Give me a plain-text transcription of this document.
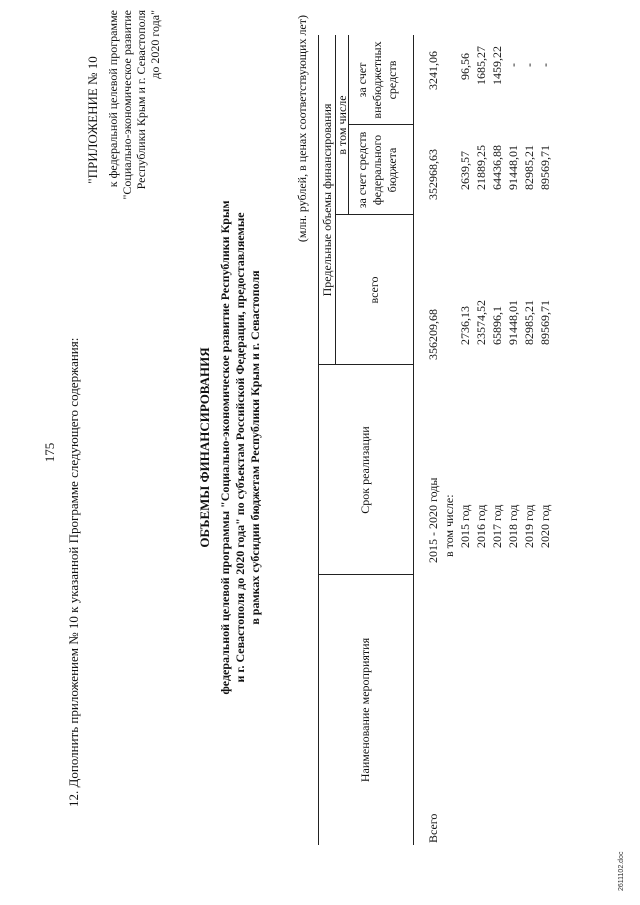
175 12. Дополнить приложением № 10 к указанной Программе следующего содержания:
"ПРИЛОЖЕНИЕ № 10 к федеральной целевой программе "Социально-экономическое развитие Республики Крым и г. Севастополя до 2020 года"
ОБЪЕМЫ ФИНАНСИРОВАНИЯ федеральной целевой программы "Социально-экономическое развитие Республики Крым и г. Севастополя до 2020 года" по субъектам Российской Федерации, предоставляемые в рамках субсидии бюджетам Республики Крым и г. Севастополя
(млн. рублей, в ценах соответствующих лет)
Наименование мероприятия
Срок реализации
Предельные объемы финансирования	всего
в том числе
за счет средств федерального бюджета
за счет внебюджетных средств
Всего
2015 - 2020 годы
356209,68
352968,63
3241,06
в том числе: 2015 год
2736,13
2639,57
96,56
2016 год
23574,52
21889,25
1685,27
2017 год
65896,1
64436,88
1459,22
2018 год
91448,01
91448,01
-
2019 год
82985,21
82985,21
-
2020 год
89569,71
89569,71
-
2611102.doc
